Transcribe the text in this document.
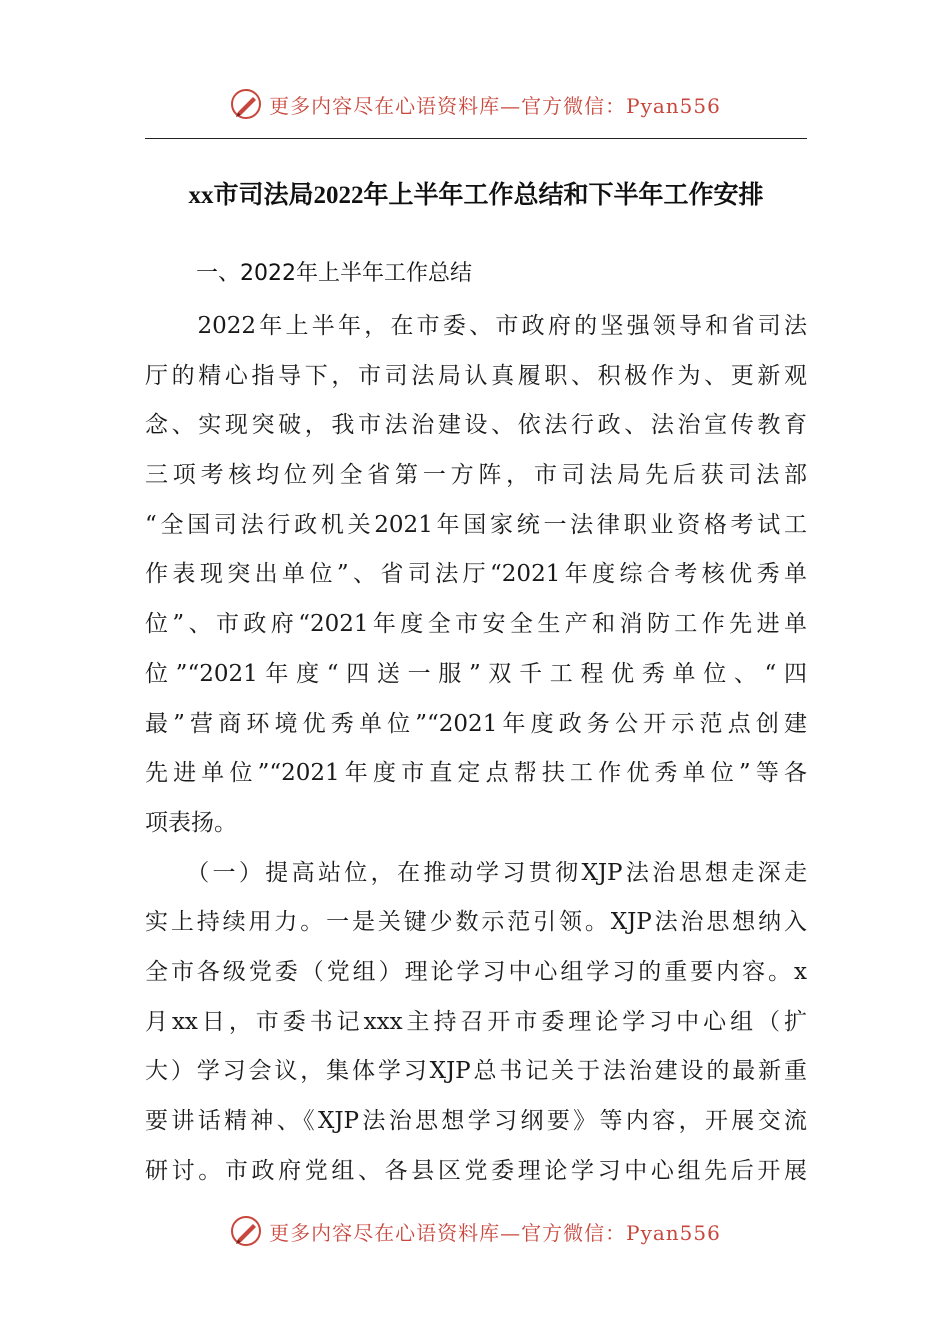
更多内容尽在心语资料库—官方微信：Pyan556
xx市司法局2022年上半年工作总结和下半年工作安排
一、2022年上半年工作总结
　　2022年上半年，在市委、市政府的坚强领导和省司法
厅的精心指导下，市司法局认真履职、积极作为、更新观
念、实现突破，我市法治建设、依法行政、法治宣传教育
三项考核均位列全省第一方阵，市司法局先后获司法部
“全国司法行政机关2021年国家统一法律职业资格考试工
作表现突出单位”、省司法厅“2021年度综合考核优秀单
位”、市政府“2021年度全市安全生产和消防工作先进单
位”“2021年度“四送一服”双千工程优秀单位、“四
最”营商环境优秀单位”“2021年度政务公开示范点创建
先进单位”“2021年度市直定点帮扶工作优秀单位”等各
项表扬。
　　（一）提高站位，在推动学习贯彻XJP法治思想走深走
实上持续用力。一是关键少数示范引领。XJP法治思想纳入
全市各级党委（党组）理论学习中心组学习的重要内容。x
月xx日，市委书记xxx主持召开市委理论学习中心组（扩
大）学习会议，集体学习XJP总书记关于法治建设的最新重
要讲话精神、《XJP法治思想学习纲要》等内容，开展交流
研讨。市政府党组、各县区党委理论学习中心组先后开展
更多内容尽在心语资料库—官方微信：Pyan556
